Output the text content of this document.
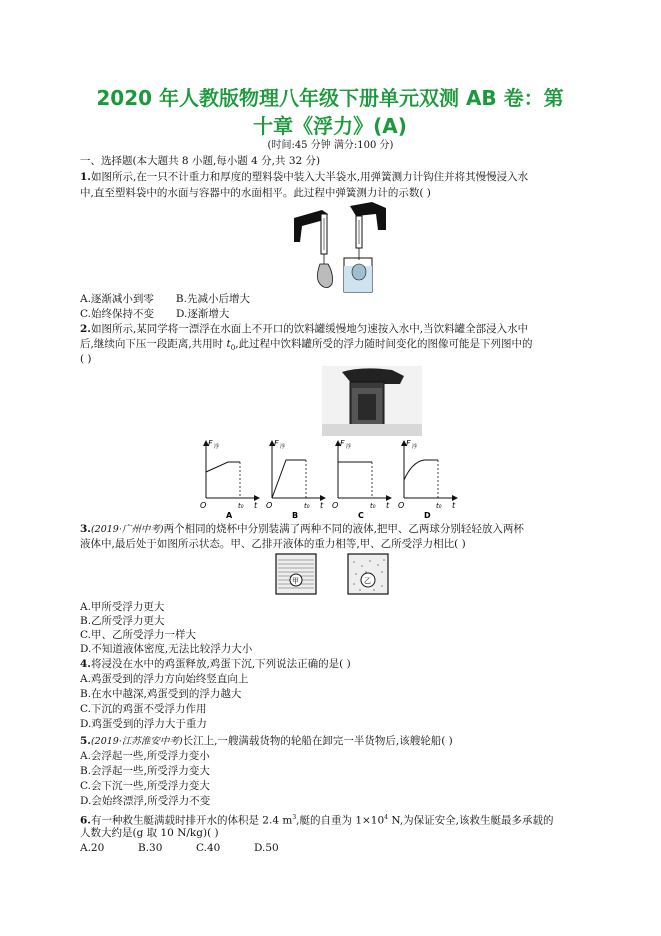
2020 年人教版物理八年级下册单元双测 AB 卷：第
十章《浮力》(A)
(时间:45 分钟 满分:100 分)
一、选择题(本大题共 8 小题,每小题 4 分,共 32 分)
1.如图所示,在一只不计重力和厚度的塑料袋中装入大半袋水,用弹簧测力计钩住并将其慢慢浸入水
中,直至塑料袋中的水面与容器中的水面相平。此过程中弹簧测力计的示数( )
A.逐渐减小到零 B.先减小后增大
C.始终保持不变 D.逐渐增大
2.如图所示,某同学将一漂浮在水面上不开口的饮料罐缓慢地匀速按入水中,当饮料罐全部浸入水中
后,继续向下压一段距离,共用时 $t_0$,此过程中饮料罐所受的浮力随时间变化的图像可能是下列图中的
( )
F 浮
O	t₀ t
A
F 浮
O	t₀ t
B
F 浮
O	t₀ t
C
F 浮
O	t₀ t
D
3.(2019·广州中考)两个相同的烧杯中分别装满了两种不同的液体,把甲、乙两球分别轻轻放入两杯
液体中,最后处于如图所示状态。甲、乙排开液体的重力相等,甲、乙所受浮力相比( )
甲	乙
A.甲所受浮力更大
B.乙所受浮力更大
C.甲、乙所受浮力一样大
D.不知道液体密度,无法比较浮力大小
4.将浸没在水中的鸡蛋释放,鸡蛋下沉,下列说法正确的是( )
A.鸡蛋受到的浮力方向始终竖直向上
B.在水中越深,鸡蛋受到的浮力越大
C.下沉的鸡蛋不受浮力作用
D.鸡蛋受到的浮力大于重力
5.(2019·江苏淮安中考)长江上,一艘满载货物的轮船在卸完一半货物后,该艘轮船( )
A.会浮起一些,所受浮力变小
B.会浮起一些,所受浮力变大
C.会下沉一些,所受浮力变大
D.会始终漂浮,所受浮力不变
6.有一种救生艇满载时排开水的体积是 2.4 $m^3$,艇的自重为 $1\times 10^4$ N,为保证安全,该救生艇最多承载的
人数大约是(g 取 10 N/kg)( )
A.20	B.30	C.40	D.50
